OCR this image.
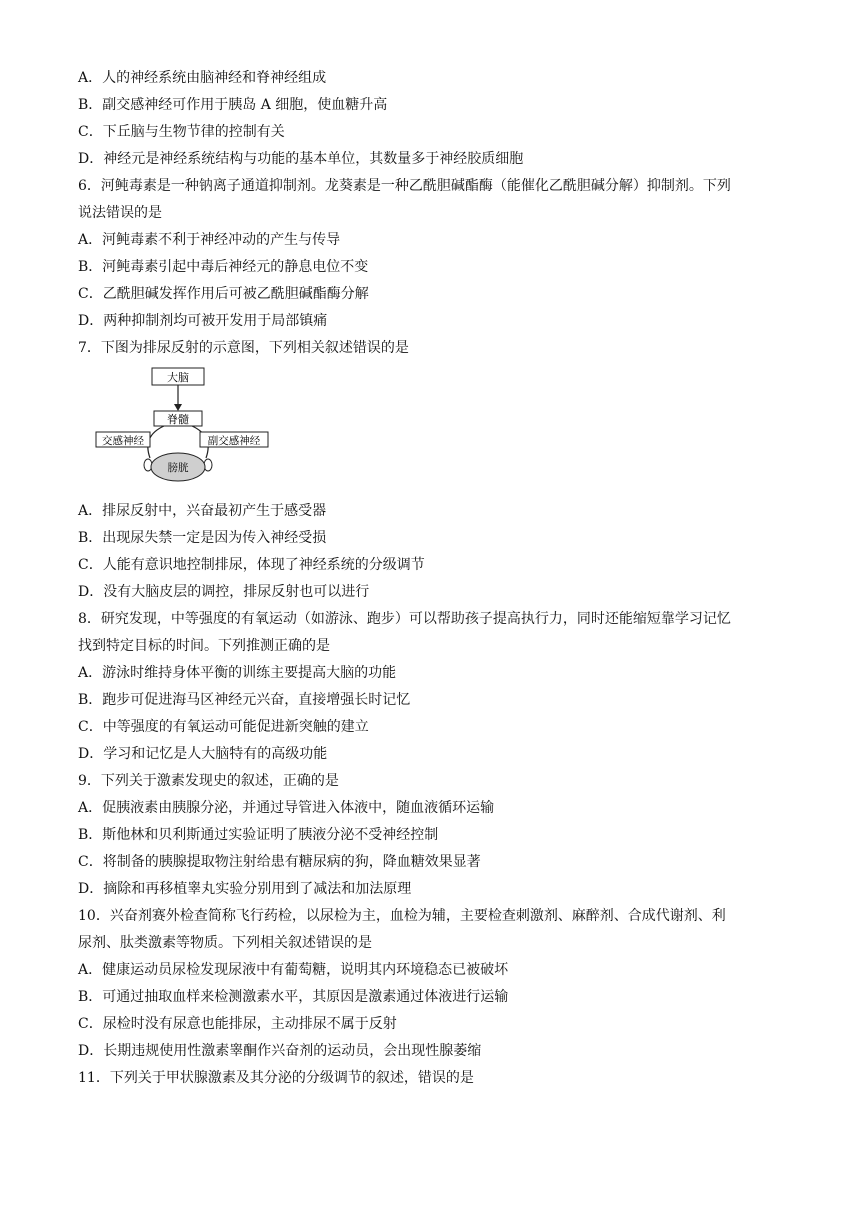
A．人的神经系统由脑神经和脊神经组成
B．副交感神经可作用于胰岛 A 细胞，使血糖升高
C．下丘脑与生物节律的控制有关
D．神经元是神经系统结构与功能的基本单位，其数量多于神经胶质细胞
6．河鲀毒素是一种钠离子通道抑制剂。龙葵素是一种乙酰胆碱酯酶（能催化乙酰胆碱分解）抑制剂。下列
说法错误的是
A．河鲀毒素不利于神经冲动的产生与传导
B．河鲀毒素引起中毒后神经元的静息电位不变
C．乙酰胆碱发挥作用后可被乙酰胆碱酯酶分解
D．两种抑制剂均可被开发用于局部镇痛
7．下图为排尿反射的示意图，下列相关叙述错误的是
A．排尿反射中，兴奋最初产生于感受器
B．出现尿失禁一定是因为传入神经受损
C．人能有意识地控制排尿，体现了神经系统的分级调节
D．没有大脑皮层的调控，排尿反射也可以进行
8．研究发现，中等强度的有氧运动（如游泳、跑步）可以帮助孩子提高执行力，同时还能缩短靠学习记忆
找到特定目标的时间。下列推测正确的是
A．游泳时维持身体平衡的训练主要提高大脑的功能
B．跑步可促进海马区神经元兴奋，直接增强长时记忆
C．中等强度的有氧运动可能促进新突触的建立
D．学习和记忆是人大脑特有的高级功能
9．下列关于激素发现史的叙述，正确的是
A．促胰液素由胰腺分泌，并通过导管进入体液中，随血液循环运输
B．斯他林和贝利斯通过实验证明了胰液分泌不受神经控制
C．将制备的胰腺提取物注射给患有糖尿病的狗，降血糖效果显著
D．摘除和再移植睾丸实验分别用到了减法和加法原理
10．兴奋剂赛外检查简称飞行药检，以尿检为主，血检为辅，主要检查刺激剂、麻醉剂、合成代谢剂、利
尿剂、肽类激素等物质。下列相关叙述错误的是
A．健康运动员尿检发现尿液中有葡萄糖，说明其内环境稳态已被破坏
B．可通过抽取血样来检测激素水平，其原因是激素通过体液进行运输
C．尿检时没有尿意也能排尿，主动排尿不属于反射
D．长期违规使用性激素睾酮作兴奋剂的运动员，会出现性腺萎缩
11．下列关于甲状腺激素及其分泌的分级调节的叙述，错误的是
大脑
脊髓
交感神经	副交感神经
膀胱
